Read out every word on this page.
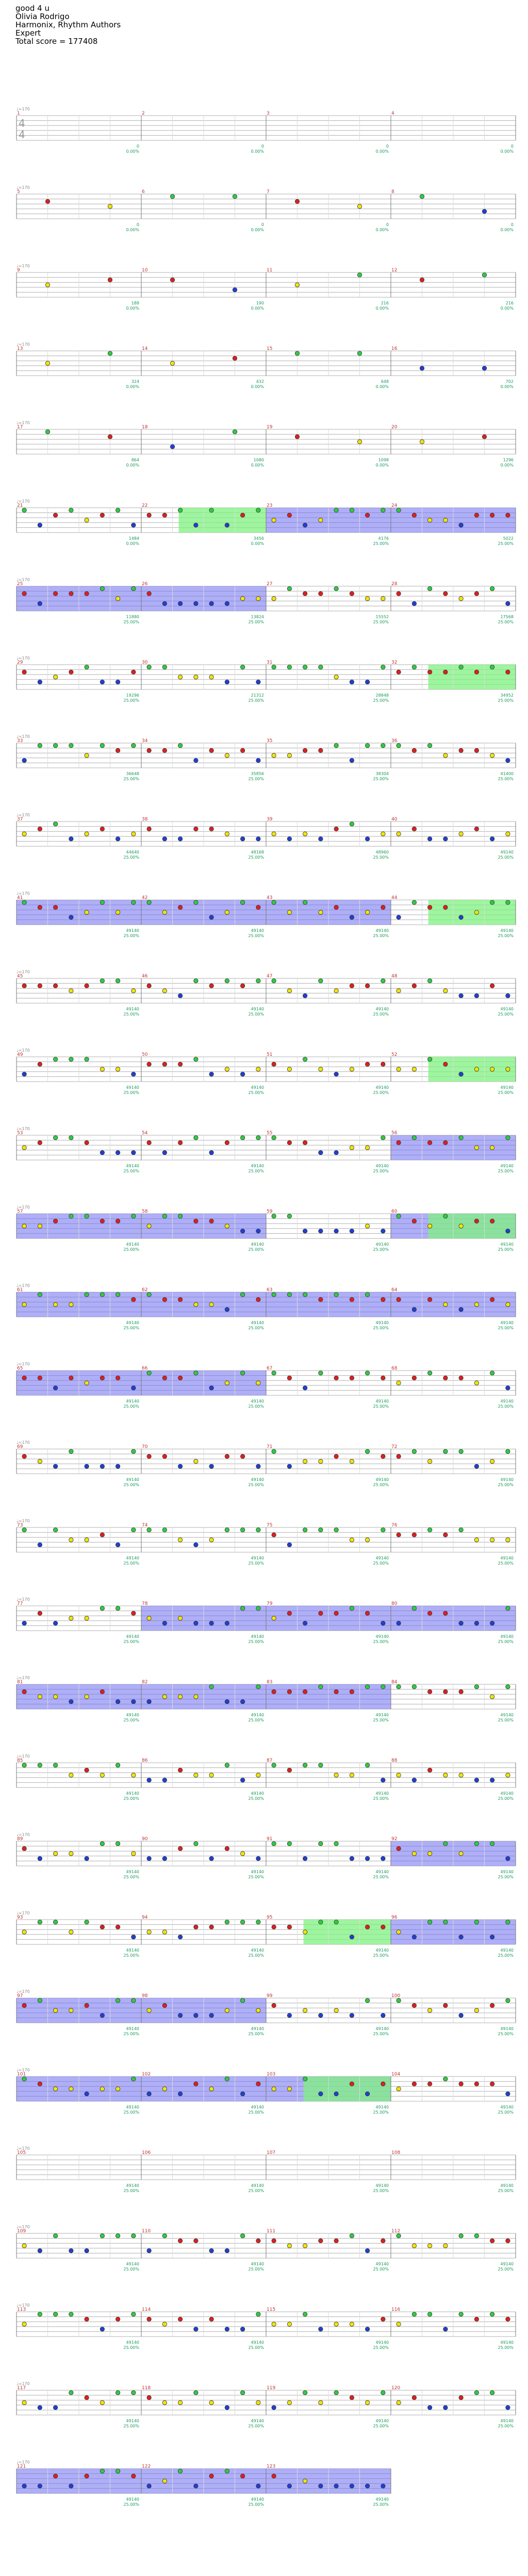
good 4 u
Olivia Rodrigo
Harmonix, Rhythm Authors
Expert
Total score = 177408
♩=170
1
0
0.00%
2
0
0.00%
3
0
0.00%
4
0
0.00%
♩=170
5
0
0.00%
6
0
0.00%
7
0
0.00%
8
0
0.00%
♩=170
9
188
0.00%
10
190
0.00%
11
216
0.00%
12
216
0.00%
♩=170
13
324
0.00%
14
432
0.00%
15
648
0.00%
16
702
0.00%
♩=170
17
864
0.00%
18
1080
0.00%
19
1098
0.00%
20
1296
0.00%
♩=170
21
1484
0.00%
22
3456
0.00%
23
4176
25.00%
24
5022
25.00%
♩=170
25
11880
25.00%
26
13824
25.00%
27
15552
25.00%
28
17568
25.00%
♩=170
29
19296
25.00%
30
21312
25.00%
31
28848
25.00%
32
34952
25.00%
♩=170
33
36648
25.00%
34
35856
25.00%
35
38304
25.00%
36
41400
25.00%
♩=170
37
44640
25.00%
38
48168
25.00%
39
48960
25.00%
40
49140
25.00%
♩=170
41
49140
25.00%
42
49140
25.00%
43
49140
25.00%
44
49140
25.00%
♩=170
45
49140
25.00%
46
49140
25.00%
47
49140
25.00%
48
49140
25.00%
♩=170
49
49140
25.00%
50
49140
25.00%
51
49140
25.00%
52
49140
25.00%
♩=170
53
49140
25.00%
54
49140
25.00%
55
49140
25.00%
56
49140
25.00%
♩=170
57
49140
25.00%
58
49140
25.00%
59
49140
25.00%
60
49140
25.00%
♩=170
61
49140
25.00%
62
49140
25.00%
63
49140
25.00%
64
49140
25.00%
♩=170
65
49140
25.00%
66
49140
25.00%
67
49140
25.00%
68
49140
25.00%
♩=170
69
49140
25.00%
70
49140
25.00%
71
49140
25.00%
72
49140
25.00%
♩=170
73
49140
25.00%
74
49140
25.00%
75
49140
25.00%
76
49140
25.00%
♩=170
77
49140
25.00%
78
49140
25.00%
79
49140
25.00%
80
49140
25.00%
♩=170
81
49140
25.00%
82
49140
25.00%
83
49140
25.00%
84
49140
25.00%
♩=170
85
49140
25.00%
86
49140
25.00%
87
49140
25.00%
88
49140
25.00%
♩=170
89
49140
25.00%
90
49140
25.00%
91
49140
25.00%
92
49140
25.00%
♩=170
93
49140
25.00%
94
49140
25.00%
95
49140
25.00%
96
49140
25.00%
♩=170
97
49140
25.00%
98
49140
25.00%
99
49140
25.00%
100
49140
25.00%
♩=170
101
49140
25.00%
102
49140
25.00%
103
49140
25.00%
104
49140
25.00%
♩=170
105
49140
25.00%
106
49140
25.00%
107
49140
25.00%
108
49140
25.00%
♩=170
109
49140
25.00%
110
49140
25.00%
111
49140
25.00%
112
49140
25.00%
♩=170
113
49140
25.00%
114
49140
25.00%
115
49140
25.00%
116
49140
25.00%
♩=170
117
49140
25.00%
118
49140
25.00%
119
49140
25.00%
120
49140
25.00%
♩=170
121
49140
25.00%
122
49140
25.00%
123
49140
25.00%
4
4
